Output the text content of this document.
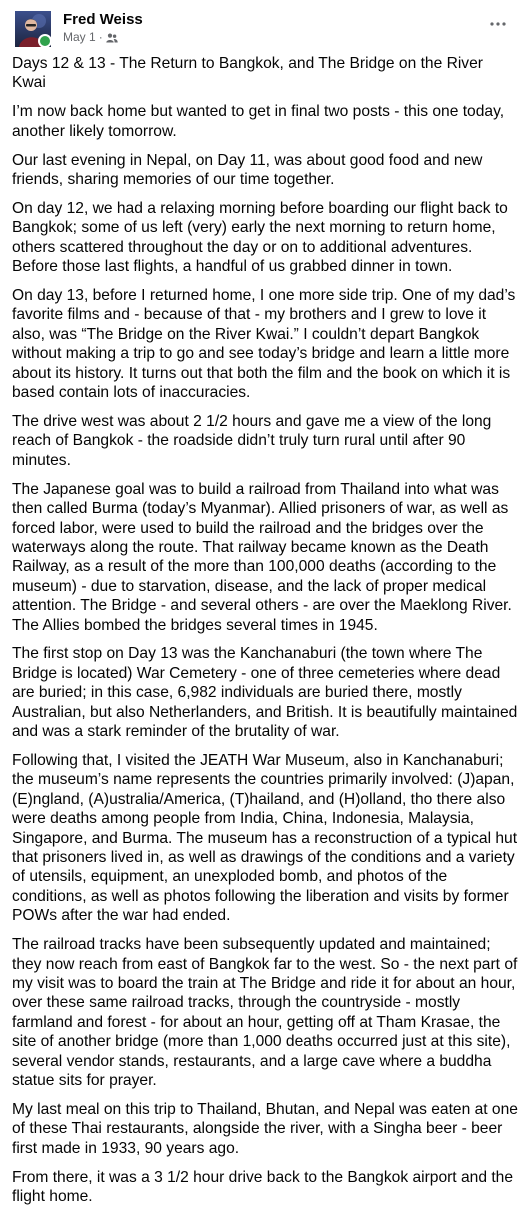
Fred Weiss
May 1 ·

Days 12 & 13 - The Return to Bangkok, and The Bridge on the River Kwai

I’m now back home but wanted to get in final two posts - this one today, another likely tomorrow.

Our last evening in Nepal, on Day 11, was about good food and new friends, sharing memories of our time together.

On day 12, we had a relaxing morning before boarding our flight back to Bangkok; some of us left (very) early the next morning to return home, others scattered throughout the day or on to additional adventures. Before those last flights, a handful of us grabbed dinner in town.

On day 13, before I returned home, I one more side trip. One of my dad’s favorite films and - because of that - my brothers and I grew to love it also, was “The Bridge on the River Kwai.” I couldn’t depart Bangkok without making a trip to go and see today’s bridge and learn a little more about its history. It turns out that both the film and the book on which it is based contain lots of inaccuracies.

The drive west was about 2 1/2 hours and gave me a view of the long reach of Bangkok - the roadside didn’t truly turn rural until after 90 minutes.

The Japanese goal was to build a railroad from Thailand into what was then called Burma (today’s Myanmar). Allied prisoners of war, as well as forced labor, were used to build the railroad and the bridges over the waterways along the route. That railway became known as the Death Railway, as a result of the more than 100,000 deaths (according to the museum) - due to starvation, disease, and the lack of proper medical attention. The Bridge - and several others - are over the Maeklong River. The Allies bombed the bridges several times in 1945.

The first stop on Day 13 was the Kanchanaburi (the town where The Bridge is located) War Cemetery - one of three cemeteries where dead are buried; in this case, 6,982 individuals are buried there, mostly Australian, but also Netherlanders, and British. It is beautifully maintained and was a stark reminder of the brutality of war.

Following that, I visited the JEATH War Museum, also in Kanchanaburi; the museum’s name represents the countries primarily involved: (J)apan, (E)ngland, (A)ustralia/America, (T)hailand, and (H)olland, tho there also were deaths among people from India, China, Indonesia, Malaysia, Singapore, and Burma. The museum has a reconstruction of a typical hut that prisoners lived in, as well as drawings of the conditions and a variety of utensils, equipment, an unexploded bomb, and photos of the conditions, as well as photos following the liberation and visits by former POWs after the war had ended.

The railroad tracks have been subsequently updated and maintained; they now reach from east of Bangkok far to the west. So - the next part of my visit was to board the train at The Bridge and ride it for about an hour, over these same railroad tracks, through the countryside - mostly farmland and forest - for about an hour, getting off at Tham Krasae, the site of another bridge (more than 1,000 deaths occurred just at this site), several vendor stands, restaurants, and a large cave where a buddha statue sits for prayer.

My last meal on this trip to Thailand, Bhutan, and Nepal was eaten at one of these Thai restaurants, alongside the river, with a Singha beer - beer first made in 1933, 90 years ago.

From there, it was a 3 1/2 hour drive back to the Bangkok airport and the flight home.
